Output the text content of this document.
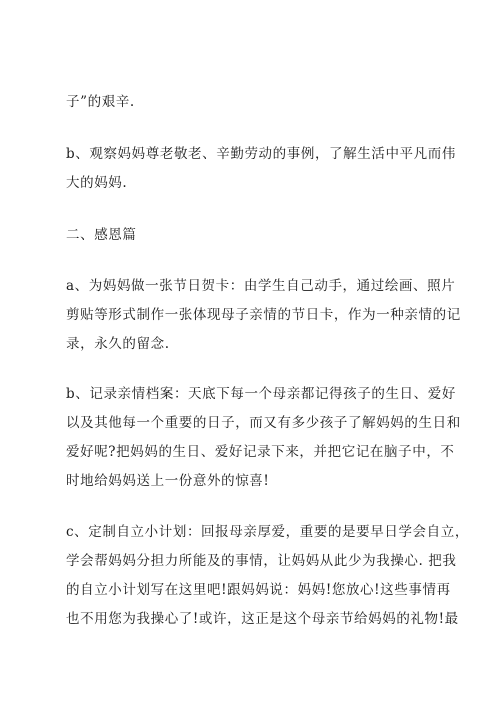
子”的艰辛.
b、观察妈妈尊老敬老、辛勤劳动的事例，了解生活中平凡而伟
大的妈妈.
二、感恩篇
a、为妈妈做一张节日贺卡：由学生自己动手，通过绘画、照片
剪贴等形式制作一张体现母子亲情的节日卡，作为一种亲情的记
录，永久的留念.
b、记录亲情档案：天底下每一个母亲都记得孩子的生日、爱好
以及其他每一个重要的日子，而又有多少孩子了解妈妈的生日和
爱好呢?把妈妈的生日、爱好记录下来，并把它记在脑子中，不
时地给妈妈送上一份意外的惊喜!
c、定制自立小计划：回报母亲厚爱，重要的是要早日学会自立，
学会帮妈妈分担力所能及的事情，让妈妈从此少为我操心. 把我
的自立小计划写在这里吧!跟妈妈说：妈妈!您放心!这些事情再
也不用您为我操心了!或许，这正是这个母亲节给妈妈的礼物!最
